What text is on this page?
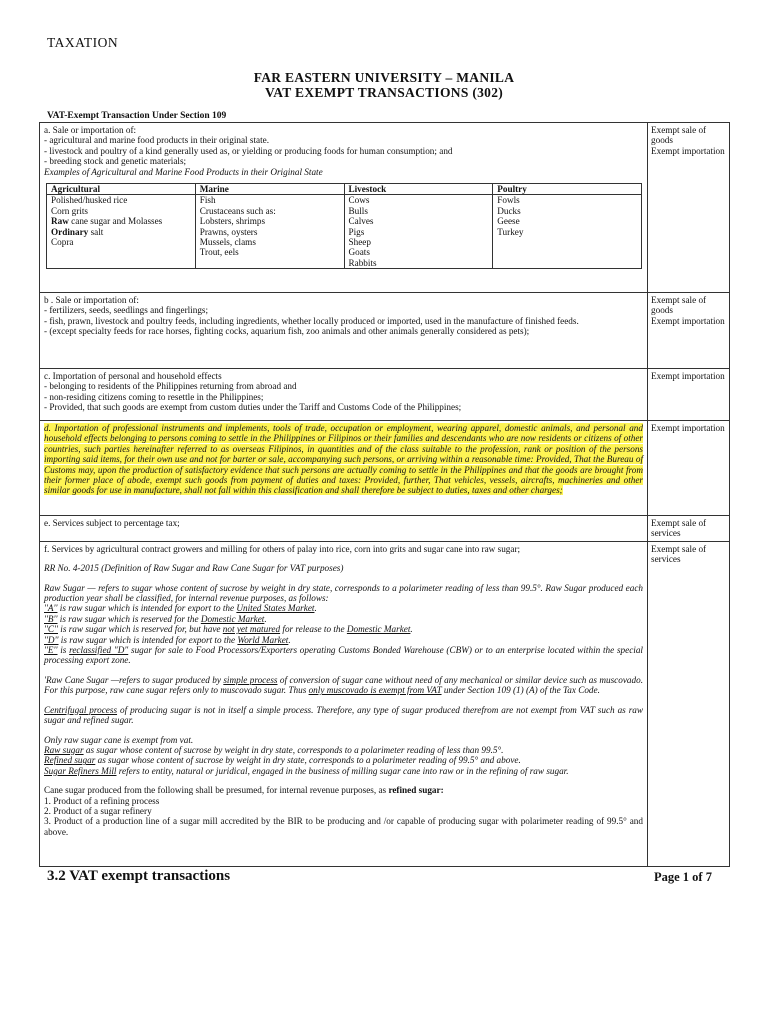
TAXATION
FAR EASTERN UNIVERSITY – MANILA
VAT EXEMPT TRANSACTIONS (302)
VAT-Exempt Transaction Under Section 109
a. Sale or importation of:
- agricultural and marine food products in their original state.
- livestock and poultry of a kind generally used as, or yielding or producing foods for human consumption; and
- breeding stock and genetic materials;
Examples of Agricultural and Marine Food Products in their Original State
Agricultural	Marine	Livestock	Poultry
Polished/husked rice	Fish	Cows	Fowls
Corn grits	Crustaceans such as:	Bulls	Ducks
Raw cane sugar and Molasses	Lobsters, shrimps	Calves	Geese
Ordinary salt	Prawns, oysters	Pigs	Turkey
Copra	Mussels, clams	Sheep	
	Trout, eels	Goats	
		Rabbits	

Exempt sale of goods
Exempt importation

b . Sale or importation of:
- fertilizers, seeds, seedlings and fingerlings;
- fish, prawn, livestock and poultry feeds, including ingredients, whether locally produced or imported, used in the manufacture of finished feeds.
- (except specialty feeds for race horses, fighting cocks, aquarium fish, zoo animals and other animals generally considered as pets);

Exempt sale of goods
Exempt importation

c. Importation of personal and household effects
- belonging to residents of the Philippines returning from abroad and
- non-residing citizens coming to resettle in the Philippines;
- Provided, that such goods are exempt from custom duties under the Tariff and Customs Code of the Philippines;

Exempt importation

d. Importation of professional instruments and implements, tools of trade, occupation or employment, wearing apparel, domestic animals, and personal and household effects belonging to persons coming to settle in the Philippines or Filipinos or their families and descendants who are now residents or citizens of other countries, such parties hereinafter referred to as overseas Filipinos, in quantities and of the class suitable to the profession, rank or position of the persons importing said items, for their own use and not for barter or sale, accompanying such persons, or arriving within a reasonable time: Provided, That the Bureau of Customs may, upon the production of satisfactory evidence that such persons are actually coming to settle in the Philippines and that the goods are brought from their former place of abode, exempt such goods from payment of duties and taxes: Provided, further, That vehicles, vessels, aircrafts, machineries and other similar goods for use in manufacture, shall not fall within this classification and shall therefore be subject to duties, taxes and other charges;

Exempt importation

e. Services subject to percentage tax;	Exempt sale of services

f. Services by agricultural contract growers and milling for others of palay into rice, corn into grits and sugar cane into raw sugar;
RR No. 4-2015 (Definition of Raw Sugar and Raw Cane Sugar for VAT purposes)
Raw Sugar — refers to sugar whose content of sucrose by weight in dry state, corresponds to a polarimeter reading of less than 99.5°. Raw Sugar produced each production year shall be classified, for internal revenue purposes, as follows:
''A'' is raw sugar which is intended for export to the United States Market.
''B'' is raw sugar which is reserved for the Domestic Market.
''C'' is raw sugar which is reserved for, but have not yet matured for release to the Domestic Market.
''D'' is raw sugar which is intended for export to the World Market.
''E'' is reclassified "D" sugar for sale to Food Processors/Exporters operating Customs Bonded Warehouse (CBW) or to an enterprise located within the special processing export zone.
'Raw Cane Sugar —refers to sugar produced by simple process of conversion of sugar cane without need of any mechanical or similar device such as muscovado. For this purpose, raw cane sugar refers only to muscovado sugar. Thus only muscovado is exempt from VAT under Section 109 (1) (A) of the Tax Code.
Centrifugal process of producing sugar is not in itself a simple process. Therefore, any type of sugar produced therefrom are not exempt from VAT such as raw sugar and refined sugar.
Only raw sugar cane is exempt from vat.
Raw sugar as sugar whose content of sucrose by weight in dry state, corresponds to a polarimeter reading of less than 99.5°.
Refined sugar as sugar whose content of sucrose by weight in dry state, corresponds to a polarimeter reading of 99.5° and above.
Sugar Refiners Mill refers to entity, natural or juridical, engaged in the business of milling sugar cane into raw or in the refining of raw sugar.
Cane sugar produced from the following shall be presumed, for internal revenue purposes, as refined sugar:
1. Product of a refining process
2. Product of a sugar refinery
3. Product of a production line of a sugar mill accredited by the BIR to be producing and /or capable of producing sugar with polarimeter reading of 99.5° and above.

Exempt sale of services
3.2 VAT exempt transactions	Page 1 of 7
